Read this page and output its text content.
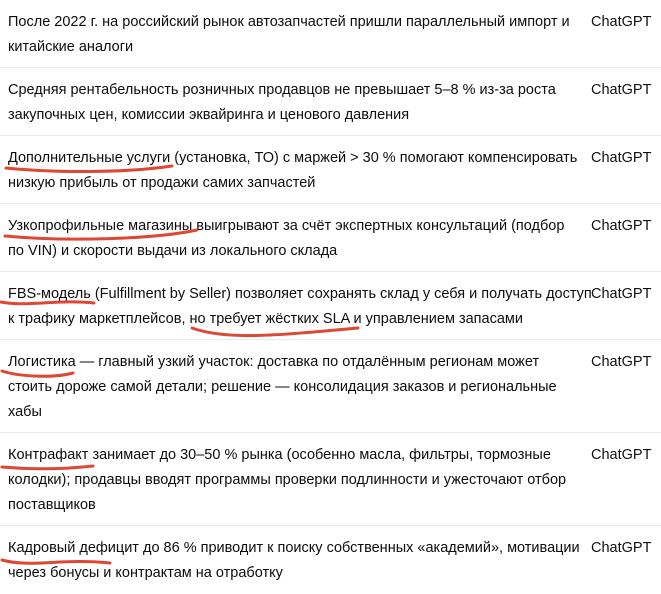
После 2022 г. на российский рынок автозапчастей пришли параллельный импорт и
китайские аналоги
ChatGPT
Средняя рентабельность розничных продавцов не превышает 5–8 % из-за роста
закупочных цен, комиссии эквайринга и ценового давления
ChatGPT
Дополнительные услуги (установка, ТО) с маржей > 30 % помогают компенсировать
низкую прибыль от продажи самих запчастей
ChatGPT
Узкопрофильные магазины выигрывают за счёт экспертных консультаций (подбор
по VIN) и скорости выдачи из локального склада
ChatGPT
FBS-модель (Fulfillment by Seller) позволяет сохранять склад у себя и получать доступ
к трафику маркетплейсов, но требует жёстких SLA и управлением запасами
ChatGPT
Логистика — главный узкий участок: доставка по отдалённым регионам может
стоить дороже самой детали; решение — консолидация заказов и региональные
хабы
ChatGPT
Контрафакт занимает до 30–50 % рынка (особенно масла, фильтры, тормозные
колодки); продавцы вводят программы проверки подлинности и ужесточают отбор
поставщиков
ChatGPT
Кадровый дефицит до 86 % приводит к поиску собственных «академий», мотивации
через бонусы и контрактам на отработку
ChatGPT
